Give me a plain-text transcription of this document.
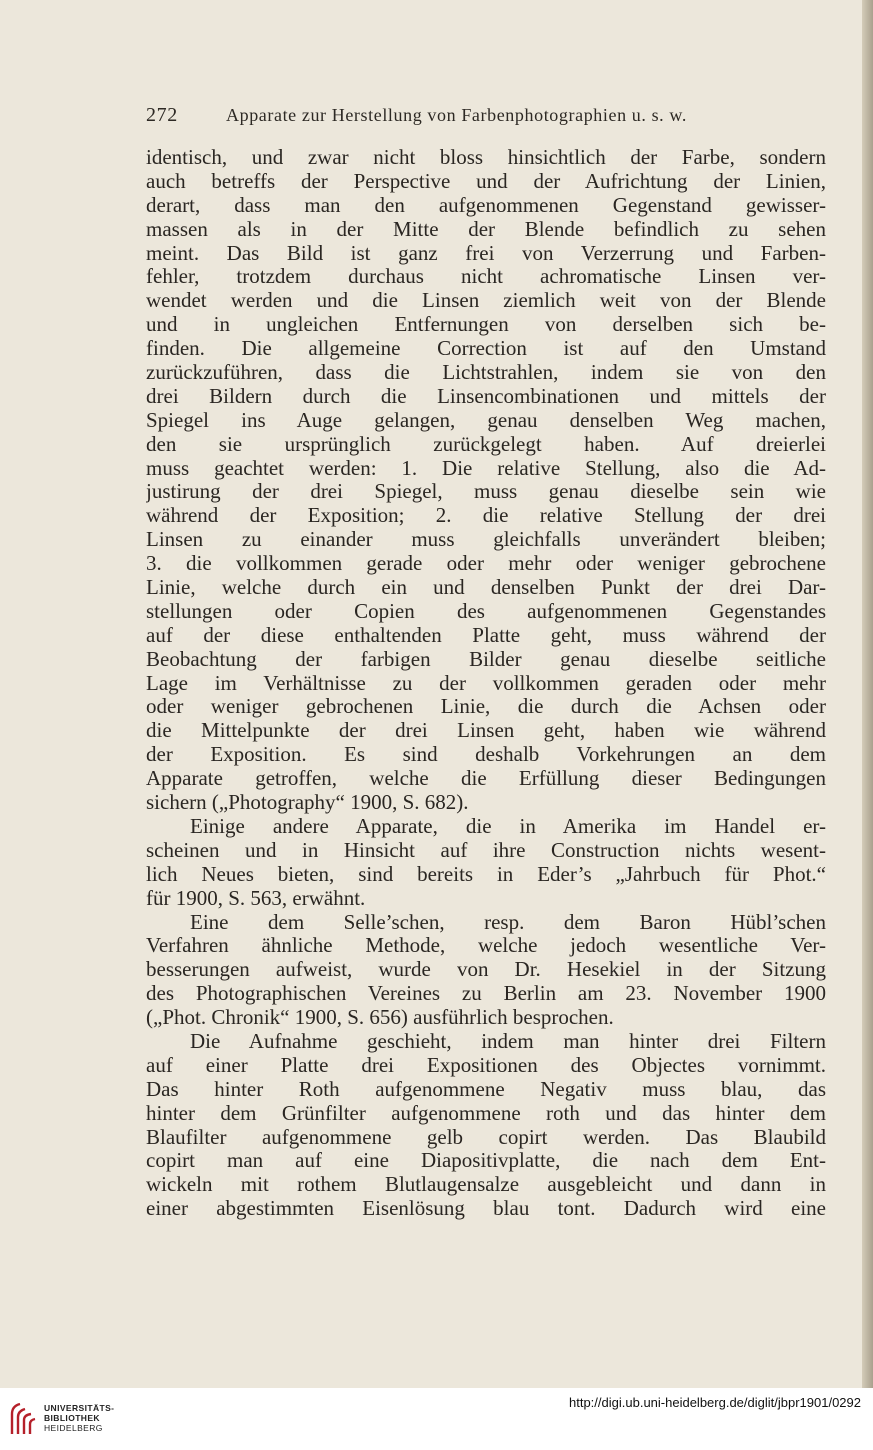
272	Apparate zur Herstellung von Farbenphotographien u. s. w.
identisch, und zwar nicht bloss hinsichtlich der Farbe, sondern
auch betreffs der Perspective und der Aufrichtung der Linien,
derart, dass man den aufgenommenen Gegenstand gewisser-
massen als in der Mitte der Blende befindlich zu sehen
meint. Das Bild ist ganz frei von Verzerrung und Farben-
fehler, trotzdem durchaus nicht achromatische Linsen ver-
wendet werden und die Linsen ziemlich weit von der Blende
und in ungleichen Entfernungen von derselben sich be-
finden. Die allgemeine Correction ist auf den Umstand
zurückzuführen, dass die Lichtstrahlen, indem sie von den
drei Bildern durch die Linsencombinationen und mittels der
Spiegel ins Auge gelangen, genau denselben Weg machen,
den sie ursprünglich zurückgelegt haben. Auf dreierlei
muss geachtet werden: 1. Die relative Stellung, also die Ad-
justirung der drei Spiegel, muss genau dieselbe sein wie
während der Exposition; 2. die relative Stellung der drei
Linsen zu einander muss gleichfalls unverändert bleiben;
3. die vollkommen gerade oder mehr oder weniger gebrochene
Linie, welche durch ein und denselben Punkt der drei Dar-
stellungen oder Copien des aufgenommenen Gegenstandes
auf der diese enthaltenden Platte geht, muss während der
Beobachtung der farbigen Bilder genau dieselbe seitliche
Lage im Verhältnisse zu der vollkommen geraden oder mehr
oder weniger gebrochenen Linie, die durch die Achsen oder
die Mittelpunkte der drei Linsen geht, haben wie während
der Exposition. Es sind deshalb Vorkehrungen an dem
Apparate getroffen, welche die Erfüllung dieser Bedingungen
sichern („Photography“ 1900, S. 682).
Einige andere Apparate, die in Amerika im Handel er-
scheinen und in Hinsicht auf ihre Construction nichts wesent-
lich Neues bieten, sind bereits in Eder’s „Jahrbuch für Phot.“
für 1900, S. 563, erwähnt.
Eine dem Selle’schen, resp. dem Baron Hübl’schen
Verfahren ähnliche Methode, welche jedoch wesentliche Ver-
besserungen aufweist, wurde von Dr. Hesekiel in der Sitzung
des Photographischen Vereines zu Berlin am 23. November 1900
(„Phot. Chronik“ 1900, S. 656) ausführlich besprochen.
Die Aufnahme geschieht, indem man hinter drei Filtern
auf einer Platte drei Expositionen des Objectes vornimmt.
Das hinter Roth aufgenommene Negativ muss blau, das
hinter dem Grünfilter aufgenommene roth und das hinter dem
Blaufilter aufgenommene gelb copirt werden. Das Blaubild
copirt man auf eine Diapositivplatte, die nach dem Ent-
wickeln mit rothem Blutlaugensalze ausgebleicht und dann in
einer abgestimmten Eisenlösung blau tont. Dadurch wird eine
UNIVERSITÄTS-
BIBLIOTHEK
HEIDELBERG
http://digi.ub.uni-heidelberg.de/diglit/jbpr1901/0292
